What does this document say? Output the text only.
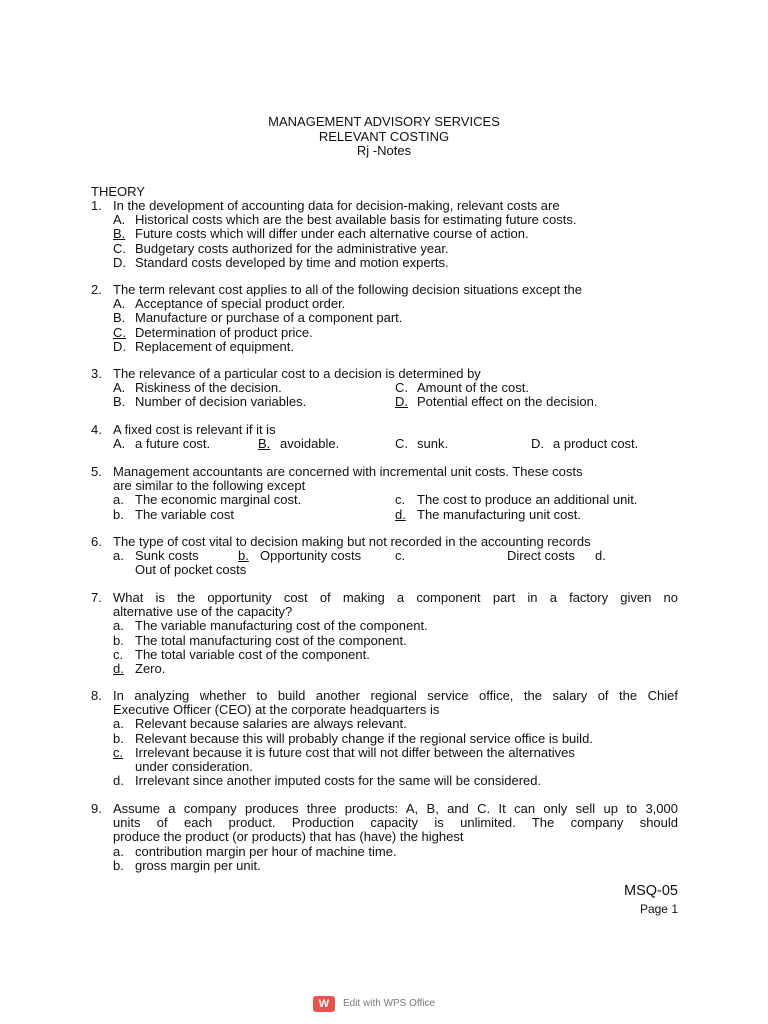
MANAGEMENT ADVISORY SERVICES
RELEVANT COSTING
Rj -Notes
THEORY
1. In the development of accounting data for decision-making, relevant costs are
A. Historical costs which are the best available basis for estimating future costs.
B. Future costs which will differ under each alternative course of action.
C. Budgetary costs authorized for the administrative year.
D. Standard costs developed by time and motion experts.
2. The term relevant cost applies to all of the following decision situations except the
A. Acceptance of special product order.
B. Manufacture or purchase of a component part.
C. Determination of product price.
D. Replacement of equipment.
3. The relevance of a particular cost to a decision is determined by
A. Riskiness of the decision.	C. Amount of the cost.
B. Number of decision variables.	D. Potential effect on the decision.
4. A fixed cost is relevant if it is
A. a future cost.	B. avoidable.	C. sunk.	D. a product cost.
5. Management accountants are concerned with incremental unit costs. These costs
are similar to the following except
a. The economic marginal cost.	c. The cost to produce an additional unit.
b. The variable cost	d. The manufacturing unit cost.
6. The type of cost vital to decision making but not recorded in the accounting records
a. Sunk costs	b. Opportunity costs	c.	Direct costs d.
Out of pocket costs
7. What is the opportunity cost of making a component part in a factory given no
alternative use of the capacity?
a. The variable manufacturing cost of the component.
b. The total manufacturing cost of the component.
c. The total variable cost of the component.
d. Zero.
8. In analyzing whether to build another regional service office, the salary of the Chief
Executive Officer (CEO) at the corporate headquarters is
a. Relevant because salaries are always relevant.
b. Relevant because this will probably change if the regional service office is build.
c. Irrelevant because it is future cost that will not differ between the alternatives
under consideration.
d. Irrelevant since another imputed costs for the same will be considered.
9. Assume a company produces three products: A, B, and C. It can only sell up to 3,000
units of each product. Production capacity is unlimited. The company should
produce the product (or products) that has (have) the highest
a. contribution margin per hour of machine time.
b. gross margin per unit.
MSQ-05
Page 1
W	Edit with WPS Office
